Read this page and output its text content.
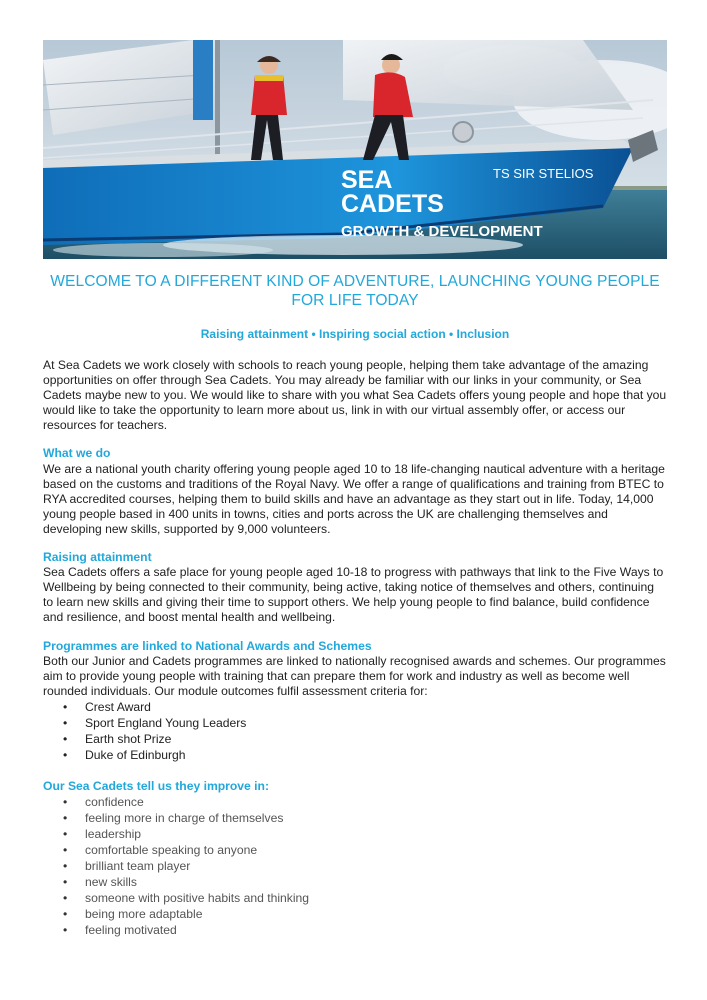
SEA
CADETS
GROWTH & DEVELOPMENT
TS SIR STELIOS
WELCOME TO A DIFFERENT KIND OF ADVENTURE, LAUNCHING YOUNG PEOPLE FOR LIFE TODAY

Raising attainment • Inspiring social action • Inclusion

At Sea Cadets we work closely with schools to reach young people, helping them take advantage of the amazing opportunities on offer through Sea Cadets. You may already be familiar with our links in your community, or Sea Cadets maybe new to you. We would like to share with you what Sea Cadets offers young people and hope that you would like to take the opportunity to learn more about us, link in with our virtual assembly offer, or access our resources for teachers.

What we do

We are a national youth charity offering young people aged 10 to 18 life-changing nautical adventure with a heritage based on the customs and traditions of the Royal Navy. We offer a range of qualifications and training from BTEC to RYA accredited courses, helping them to build skills and have an advantage as they start out in life. Today, 14,000 young people based in 400 units in towns, cities and ports across the UK are challenging themselves and developing new skills, supported by 9,000 volunteers.

Raising attainment

Sea Cadets offers a safe place for young people aged 10-18 to progress with pathways that link to the Five Ways to Wellbeing by being connected to their community, being active, taking notice of themselves and others, continuing to learn new skills and giving their time to support others. We help young people to find balance, build confidence and resilience, and boost mental health and wellbeing.

Programmes are linked to National Awards and Schemes

Both our Junior and Cadets programmes are linked to nationally recognised awards and schemes. Our programmes aim to provide young people with training that can prepare them for work and industry as well as become well rounded individuals. Our module outcomes fulfil assessment criteria for:

• Crest Award
• Sport England Young Leaders
• Earth shot Prize
• Duke of Edinburgh

Our Sea Cadets tell us they improve in:

• confidence
• feeling more in charge of themselves
• leadership
• comfortable speaking to anyone
• brilliant team player
• new skills
• someone with positive habits and thinking
• being more adaptable
• feeling motivated
